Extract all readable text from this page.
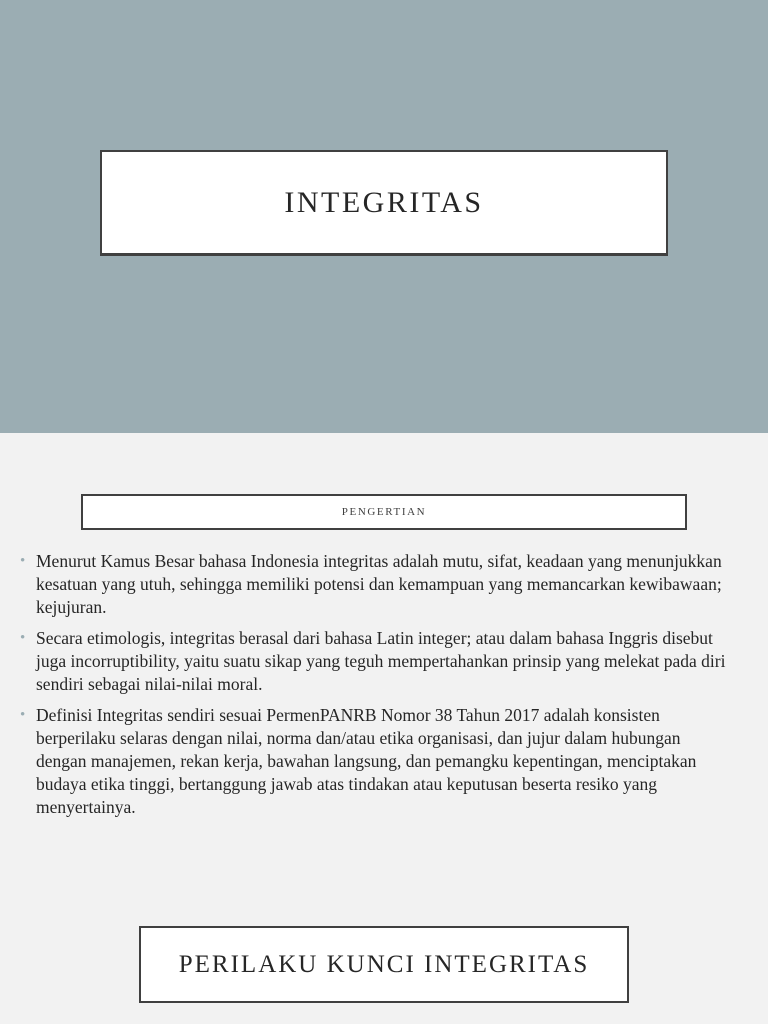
INTEGRITAS
PENGERTIAN
• Menurut Kamus Besar bahasa Indonesia integritas adalah mutu, sifat, keadaan yang menunjukkan kesatuan yang utuh, sehingga memiliki potensi dan kemampuan yang memancarkan kewibawaan; kejujuran.
• Secara etimologis, integritas berasal dari bahasa Latin integer; atau dalam bahasa Inggris disebut juga incorruptibility, yaitu suatu sikap yang teguh mempertahankan prinsip yang melekat pada diri sendiri sebagai nilai-nilai moral.
• Definisi Integritas sendiri sesuai PermenPANRB Nomor 38 Tahun 2017 adalah konsisten berperilaku selaras dengan nilai, norma dan/atau etika organisasi, dan jujur dalam hubungan dengan manajemen, rekan kerja, bawahan langsung, dan pemangku kepentingan, menciptakan budaya etika tinggi, bertanggung jawab atas tindakan atau keputusan beserta resiko yang menyertainya.
PERILAKU KUNCI INTEGRITAS
